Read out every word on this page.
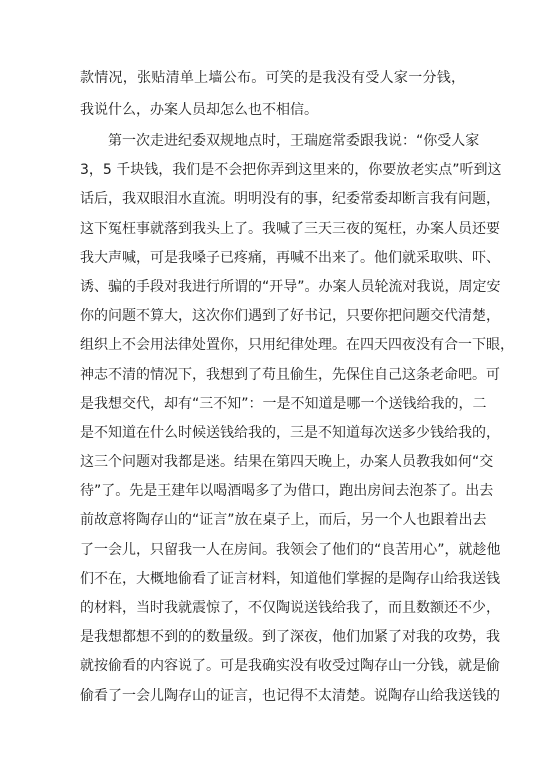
款情况，张贴清单上墙公布。可笑的是我没有受人家一分钱，
我说什么，办案人员却怎么也不相信。
第一次走进纪委双规地点时，王瑞庭常委跟我说：“你受人家
3，5 千块钱，我们是不会把你弄到这里来的，你要放老实点”听到这
话后，我双眼泪水直流。明明没有的事，纪委常委却断言我有问题，
这下冤枉事就落到我头上了。我喊了三天三夜的冤枉，办案人员还要
我大声喊，可是我嗓子已疼痛，再喊不出来了。他们就采取哄、吓、
诱、骗的手段对我进行所谓的“开导”。办案人员轮流对我说，周定安
你的问题不算大，这次你们遇到了好书记，只要你把问题交代清楚，
组织上不会用法律处置你，只用纪律处理。在四天四夜没有合一下眼，
神志不清的情况下，我想到了苟且偷生，先保住自己这条老命吧。可
是我想交代，却有“三不知”：一是不知道是哪一个送钱给我的，二
是不知道在什么时候送钱给我的，三是不知道每次送多少钱给我的，
这三个问题对我都是迷。结果在第四天晚上，办案人员教我如何“交
待”了。先是王建年以喝酒喝多了为借口，跑出房间去泡茶了。出去
前故意将陶存山的“证言”放在桌子上，而后，另一个人也跟着出去
了一会儿，只留我一人在房间。我领会了他们的“良苦用心”，就趁他
们不在，大概地偷看了证言材料，知道他们掌握的是陶存山给我送钱
的材料，当时我就震惊了，不仅陶说送钱给我了，而且数额还不少，
是我想都想不到的的数量级。到了深夜，他们加紧了对我的攻势，我
就按偷看的内容说了。可是我确实没有收受过陶存山一分钱，就是偷
偷看了一会儿陶存山的证言，也记得不太清楚。说陶存山给我送钱的
